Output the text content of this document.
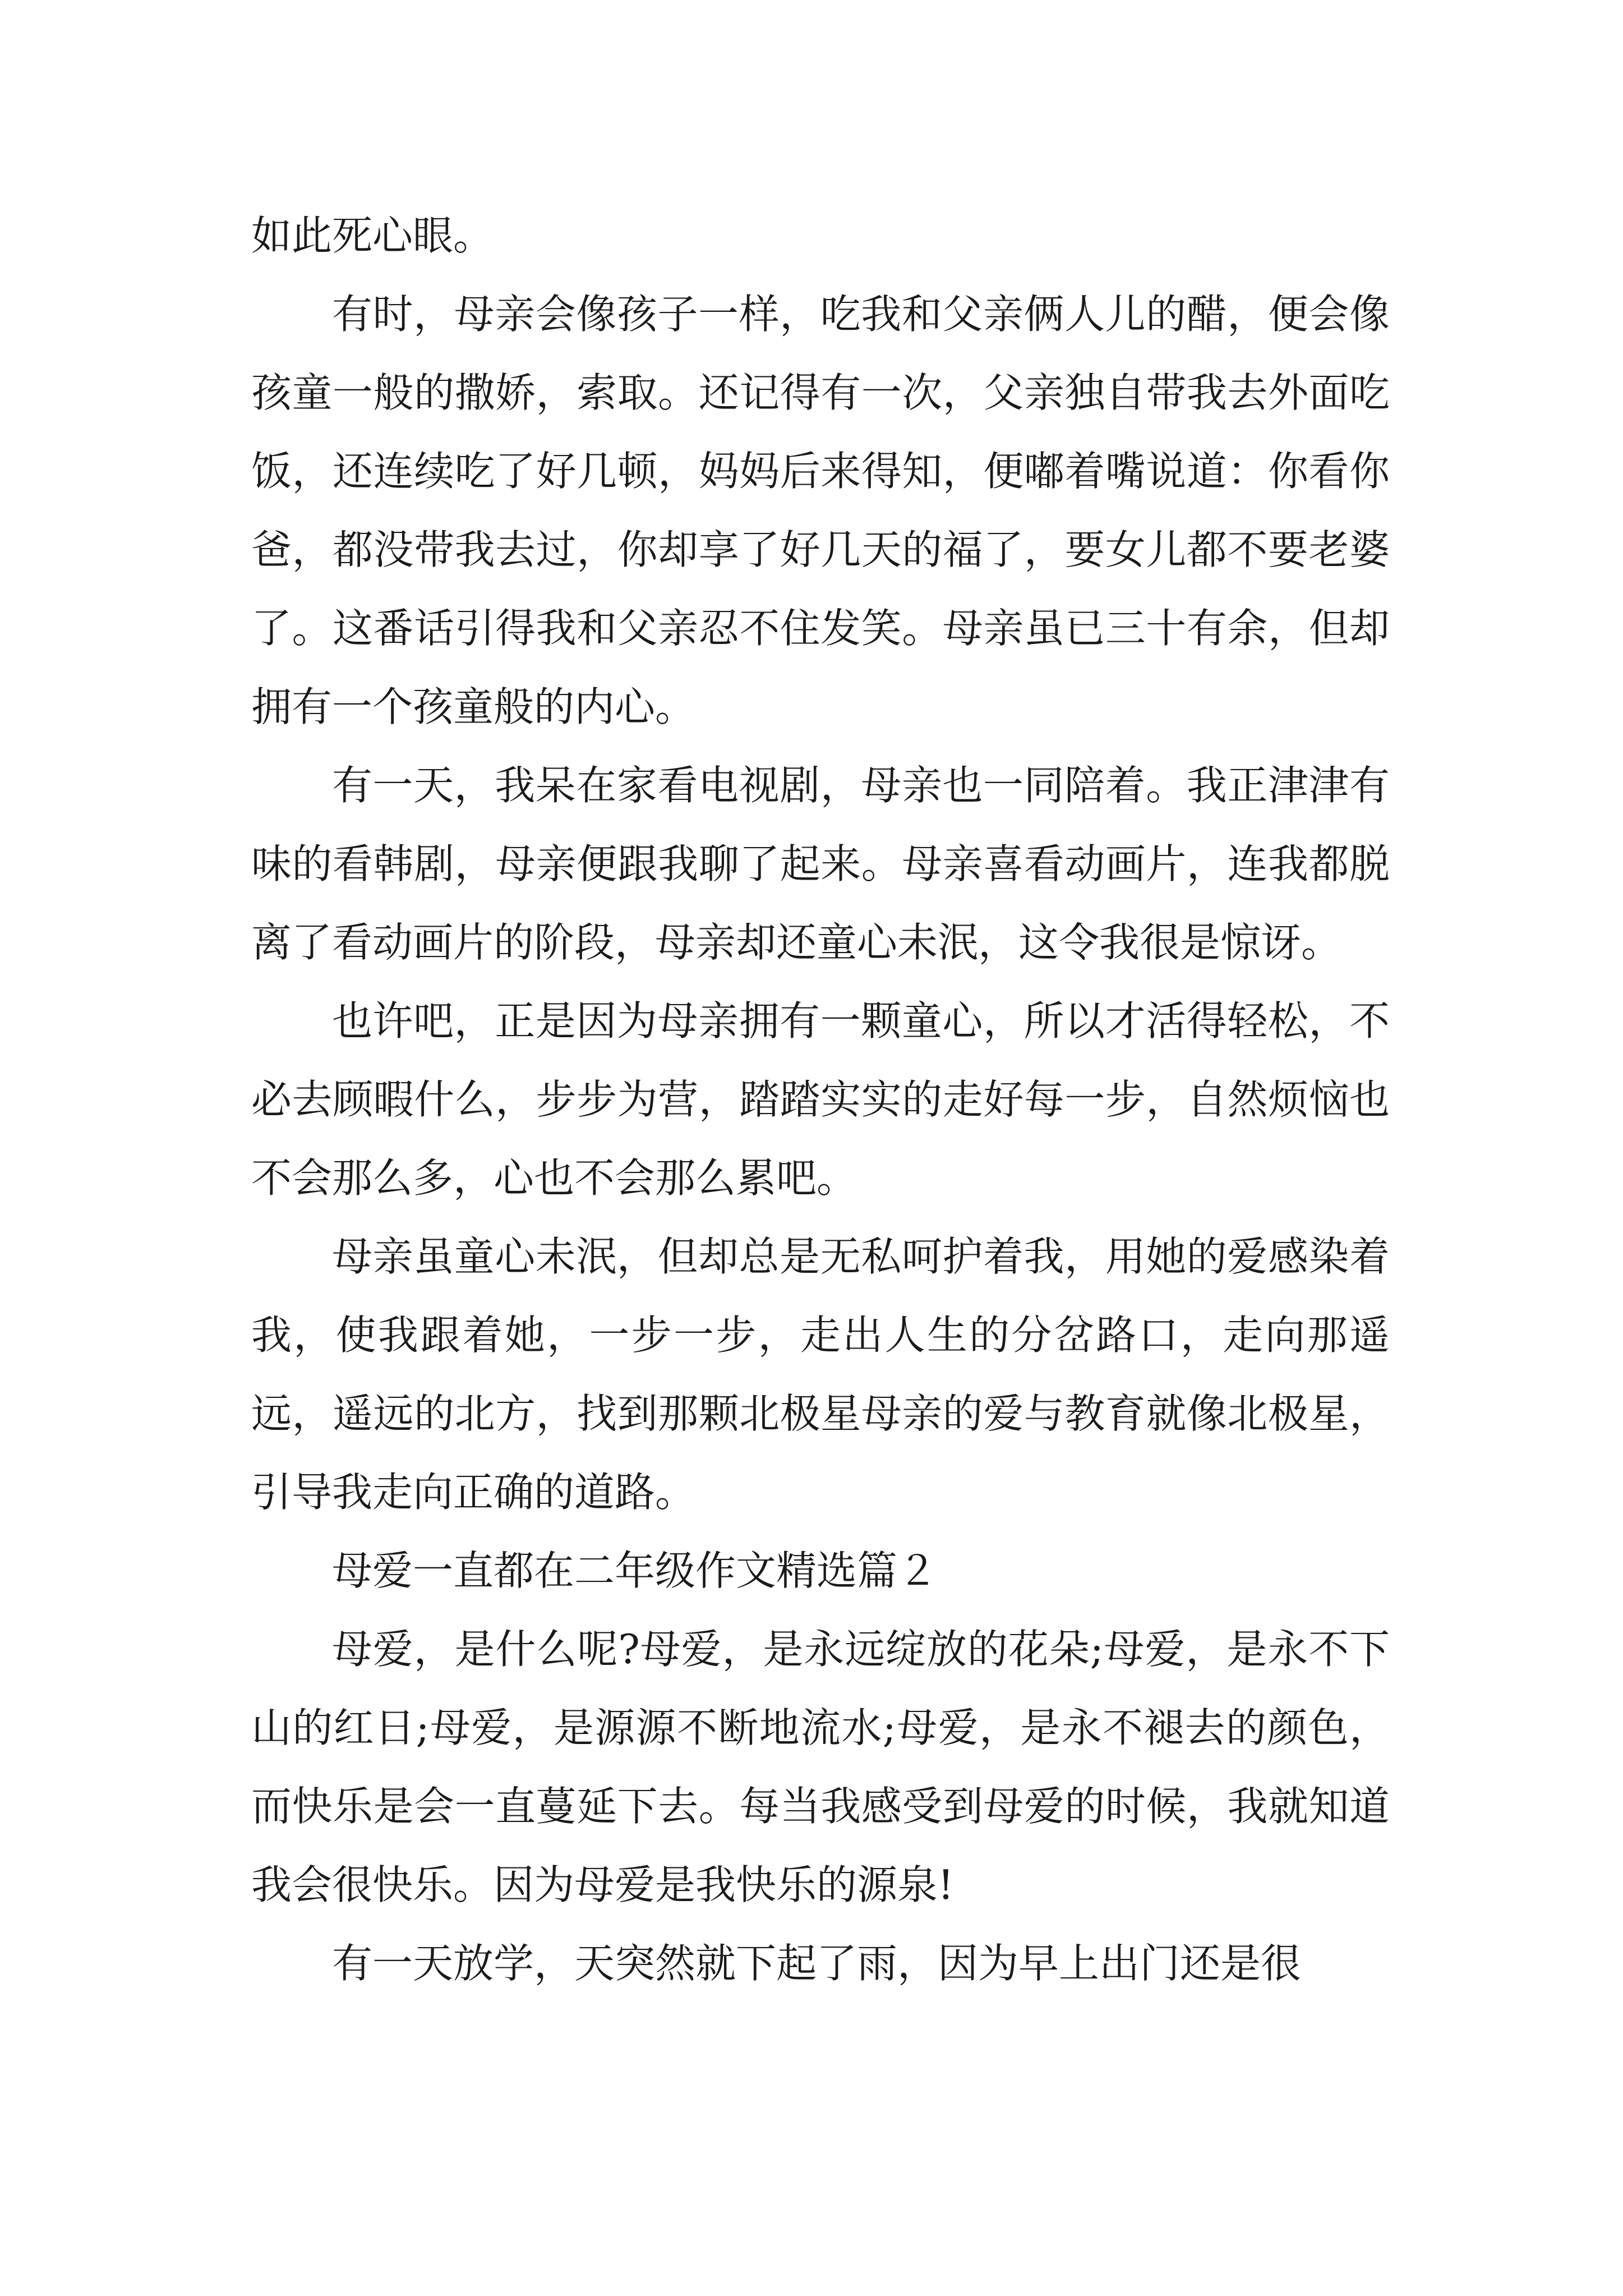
如此死心眼。

有时，母亲会像孩子一样，吃我和父亲俩人儿的醋，便会像孩童一般的撒娇，索取。还记得有一次，父亲独自带我去外面吃饭，还连续吃了好几顿，妈妈后来得知，便嘟着嘴说道：你看你爸，都没带我去过，你却享了好几天的福了，要女儿都不要老婆了。这番话引得我和父亲忍不住发笑。母亲虽已三十有余，但却拥有一个孩童般的内心。

有一天，我呆在家看电视剧，母亲也一同陪着。我正津津有味的看韩剧，母亲便跟我聊了起来。母亲喜看动画片，连我都脱离了看动画片的阶段，母亲却还童心未泯，这令我很是惊讶。

也许吧，正是因为母亲拥有一颗童心，所以才活得轻松，不必去顾暇什么，步步为营，踏踏实实的走好每一步，自然烦恼也不会那么多，心也不会那么累吧。

母亲虽童心未泯，但却总是无私呵护着我，用她的爱感染着我，使我跟着她，一步一步，走出人生的分岔路口，走向那遥远，遥远的北方，找到那颗北极星母亲的爱与教育就像北极星，引导我走向正确的道路。

母爱一直都在二年级作文精选篇２

母爱，是什么呢?母爱，是永远绽放的花朵;母爱，是永不下山的红日;母爱，是源源不断地流水;母爱，是永不褪去的颜色，而快乐是会一直蔓延下去。每当我感受到母爱的时候，我就知道我会很快乐。因为母爱是我快乐的源泉!

有一天放学，天突然就下起了雨，因为早上出门还是很
